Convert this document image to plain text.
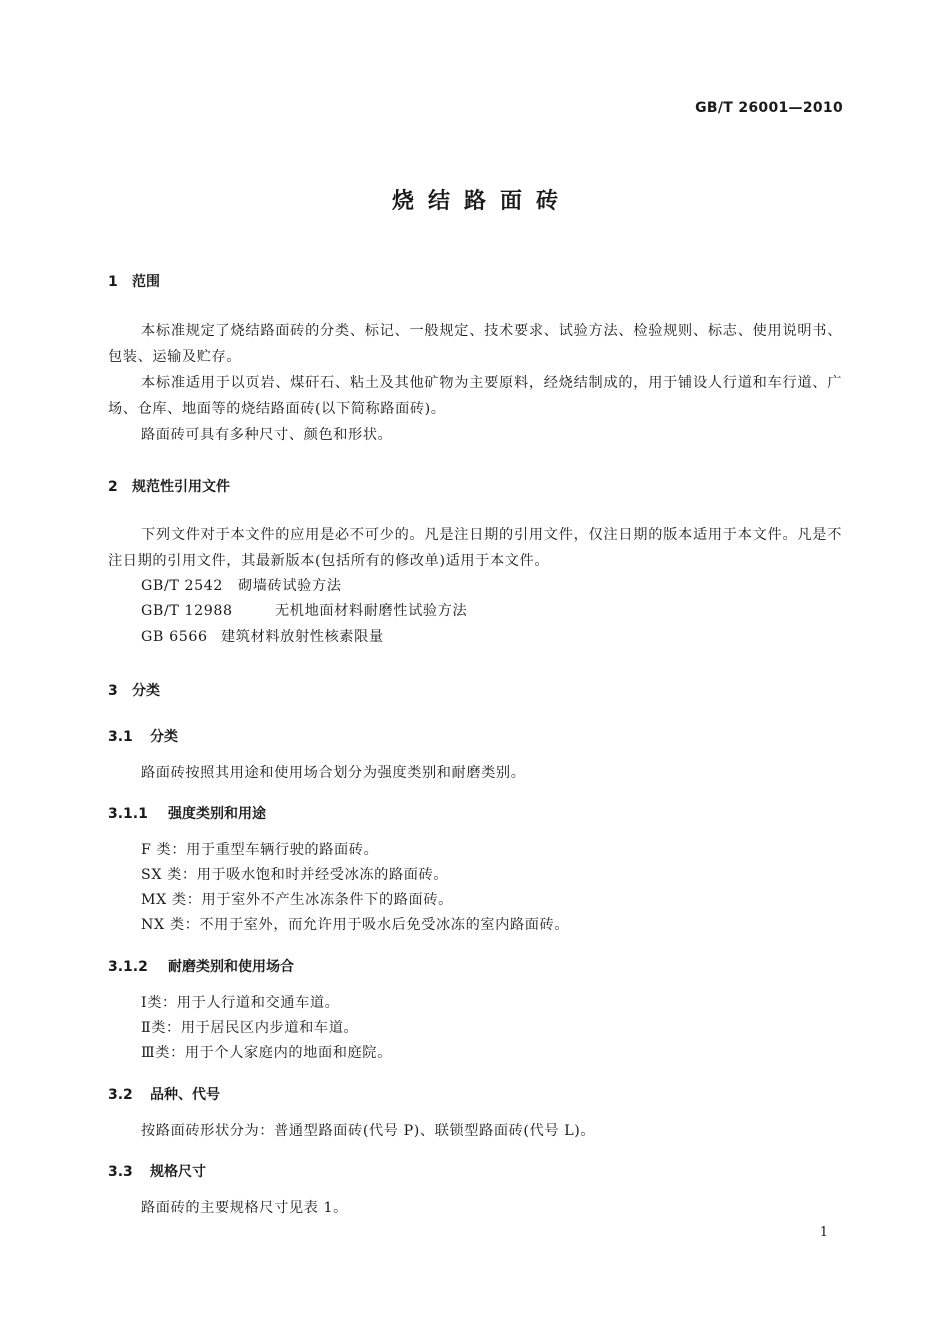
GB/T 26001—2010
烧结路面砖
1 范围
本标准规定了烧结路面砖的分类、标记、一般规定、技术要求、试验方法、检验规则、标志、使用说明书、包装、运输及贮存。
本标准适用于以页岩、煤矸石、粘土及其他矿物为主要原料，经烧结制成的，用于铺设人行道和车行道、广场、仓库、地面等的烧结路面砖(以下简称路面砖)。
路面砖可具有多种尺寸、颜色和形状。
2 规范性引用文件
下列文件对于本文件的应用是必不可少的。凡是注日期的引用文件，仅注日期的版本适用于本文件。凡是不注日期的引用文件，其最新版本(包括所有的修改单)适用于本文件。
GB/T 2542 砌墙砖试验方法
GB/T 12988	无机地面材料耐磨性试验方法
GB 6566 建筑材料放射性核素限量
3 分类
3.1 分类
路面砖按照其用途和使用场合划分为强度类别和耐磨类别。
3.1.1 强度类别和用途
F 类：用于重型车辆行驶的路面砖。
SX 类：用于吸水饱和时并经受冰冻的路面砖。
MX 类：用于室外不产生冰冻条件下的路面砖。
NX 类：不用于室外，而允许用于吸水后免受冰冻的室内路面砖。
3.1.2 耐磨类别和使用场合
Ⅰ类：用于人行道和交通车道。
Ⅱ类：用于居民区内步道和车道。
Ⅲ类：用于个人家庭内的地面和庭院。
3.2 品种、代号
按路面砖形状分为：普通型路面砖(代号 P)、联锁型路面砖(代号 L)。
3.3 规格尺寸
路面砖的主要规格尺寸见表 1。
1
